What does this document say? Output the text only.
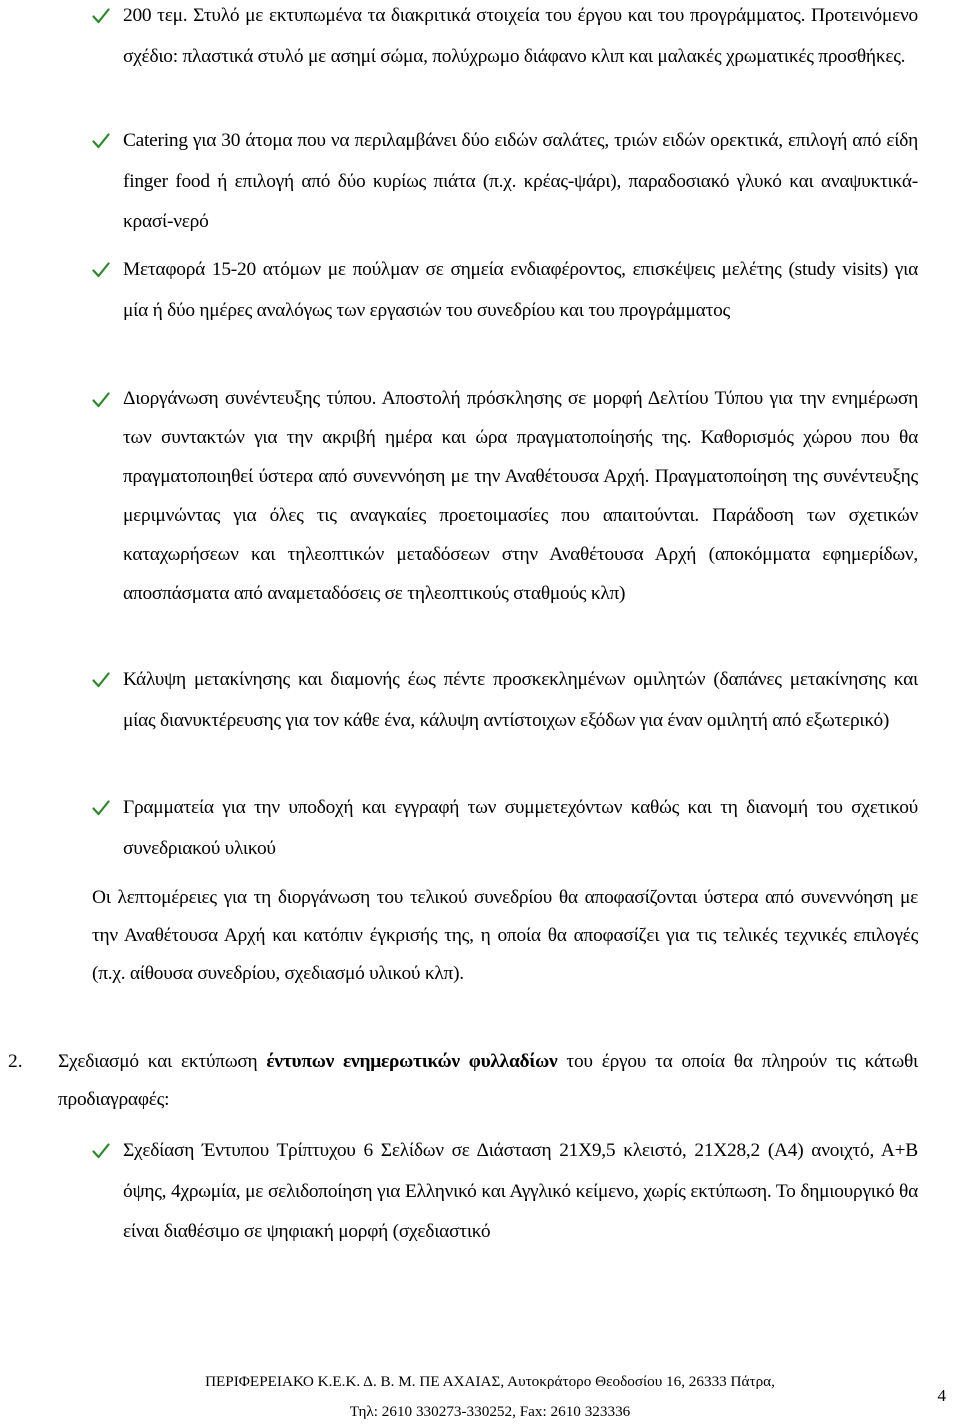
200 τεμ. Στυλό με εκτυπωμένα τα διακριτικά στοιχεία του έργου και του προγράμματος. Προτεινόμενο σχέδιο: πλαστικά στυλό με ασημί σώμα, πολύχρωμο διάφανο κλιπ και μαλακές χρωματικές προσθήκες.
Catering για 30 άτομα που να περιλαμβάνει δύο ειδών σαλάτες, τριών ειδών ορεκτικά, επιλογή από είδη finger food ή επιλογή από δύο κυρίως πιάτα (π.χ. κρέας-ψάρι), παραδοσιακό γλυκό και αναψυκτικά-κρασί-νερό
Μεταφορά 15-20 ατόμων με πούλμαν σε σημεία ενδιαφέροντος, επισκέψεις μελέτης (study visits) για μία ή δύο ημέρες αναλόγως των εργασιών του συνεδρίου και του προγράμματος
Διοργάνωση συνέντευξης τύπου. Αποστολή πρόσκλησης σε μορφή Δελτίου Τύπου για την ενημέρωση των συντακτών για την ακριβή ημέρα και ώρα πραγματοποίησής της. Καθορισμός χώρου που θα πραγματοποιηθεί ύστερα από συνεννόηση με την Αναθέτουσα Αρχή. Πραγματοποίηση της συνέντευξης μεριμνώντας για όλες τις αναγκαίες προετοιμασίες που απαιτούνται. Παράδοση των σχετικών καταχωρήσεων και τηλεοπτικών μεταδόσεων στην Αναθέτουσα Αρχή (αποκόμματα εφημερίδων, αποσπάσματα από αναμεταδόσεις σε τηλεοπτικούς σταθμούς κλπ)
Κάλυψη μετακίνησης και διαμονής έως πέντε προσκεκλημένων ομιλητών (δαπάνες μετακίνησης και μίας διανυκτέρευσης για τον κάθε ένα, κάλυψη αντίστοιχων εξόδων για έναν ομιλητή από εξωτερικό)
Γραμματεία για την υποδοχή και εγγραφή των συμμετεχόντων καθώς και τη διανομή του σχετικού συνεδριακού υλικού
Οι λεπτομέρειες για τη διοργάνωση του τελικού συνεδρίου θα αποφασίζονται ύστερα από συνεννόηση με την Αναθέτουσα Αρχή και κατόπιν έγκρισής της, η οποία θα αποφασίζει για τις τελικές τεχνικές επιλογές (π.χ. αίθουσα συνεδρίου, σχεδιασμό υλικού κλπ).
2. Σχεδιασμό και εκτύπωση έντυπων ενημερωτικών φυλλαδίων του έργου τα οποία θα πληρούν τις κάτωθι προδιαγραφές:
Σχεδίαση Έντυπου Τρίπτυχου 6 Σελίδων σε Διάσταση 21Χ9,5 κλειστό, 21Χ28,2 (Α4) ανοιχτό, Α+Β όψης, 4χρωμία, με σελιδοποίηση για Ελληνικό και Αγγλικό κείμενο, χωρίς εκτύπωση. Το δημιουργικό θα είναι διαθέσιμο σε ψηφιακή μορφή (σχεδιαστικό
ΠΕΡΙΦΕΡΕΙΑΚΟ Κ.Ε.Κ. Δ. Β. Μ. ΠΕ ΑΧΑΙΑΣ, Αυτοκράτορο Θεοδοσίου 16, 26333 Πάτρα,
Τηλ: 2610 330273-330252, Fax: 2610 323336
4
